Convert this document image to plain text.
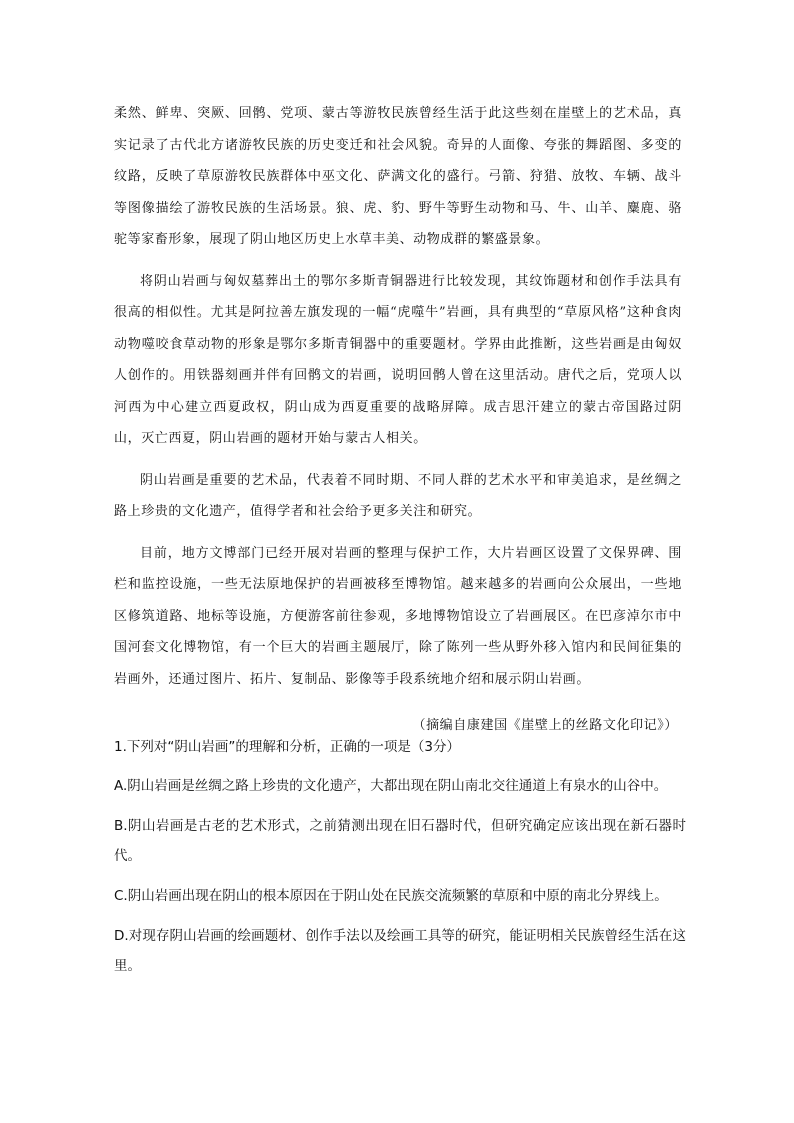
柔然、鲜卑、突厥、回鹘、党项、蒙古等游牧民族曾经生活于此这些刻在崖壁上的艺术品，真实记录了古代北方诸游牧民族的历史变迁和社会风貌。奇异的人面像、夸张的舞蹈图、多变的纹路，反映了草原游牧民族群体中巫文化、萨满文化的盛行。弓箭、狩猎、放牧、车辆、战斗等图像描绘了游牧民族的生活场景。狼、虎、豹、野牛等野生动物和马、牛、山羊、麋鹿、骆驼等家畜形象，展现了阴山地区历史上水草丰美、动物成群的繁盛景象。

将阴山岩画与匈奴墓葬出土的鄂尔多斯青铜器进行比较发现，其纹饰题材和创作手法具有很高的相似性。尤其是阿拉善左旗发现的一幅“虎噬牛”岩画，具有典型的“草原风格”这种食肉动物噬咬食草动物的形象是鄂尔多斯青铜器中的重要题材。学界由此推断，这些岩画是由匈奴人创作的。用铁器刻画并伴有回鹘文的岩画，说明回鹘人曾在这里活动。唐代之后，党项人以河西为中心建立西夏政权，阴山成为西夏重要的战略屏障。成吉思汗建立的蒙古帝国路过阴山，灭亡西夏，阴山岩画的题材开始与蒙古人相关。

阴山岩画是重要的艺术品，代表着不同时期、不同人群的艺术水平和审美追求，是丝绸之路上珍贵的文化遗产，值得学者和社会给予更多关注和研究。

目前，地方文博部门已经开展对岩画的整理与保护工作，大片岩画区设置了文保界碑、围栏和监控设施，一些无法原地保护的岩画被移至博物馆。越来越多的岩画向公众展出，一些地区修筑道路、地标等设施，方便游客前往参观，多地博物馆设立了岩画展区。在巴彦淖尔市中国河套文化博物馆，有一个巨大的岩画主题展厅，除了陈列一些从野外移入馆内和民间征集的岩画外，还通过图片、拓片、复制品、影像等手段系统地介绍和展示阴山岩画。

（摘编自康建国《崖壁上的丝路文化印记》）

1.下列对“阴山岩画”的理解和分析，正确的一项是（3分）

A.阴山岩画是丝绸之路上珍贵的文化遗产，大都出现在阴山南北交往通道上有泉水的山谷中。

B.阴山岩画是古老的艺术形式，之前猜测出现在旧石器时代，但研究确定应该出现在新石器时代。

C.阴山岩画出现在阴山的根本原因在于阴山处在民族交流频繁的草原和中原的南北分界线上。

D.对现存阴山岩画的绘画题材、创作手法以及绘画工具等的研究，能证明相关民族曾经生活在这里。
